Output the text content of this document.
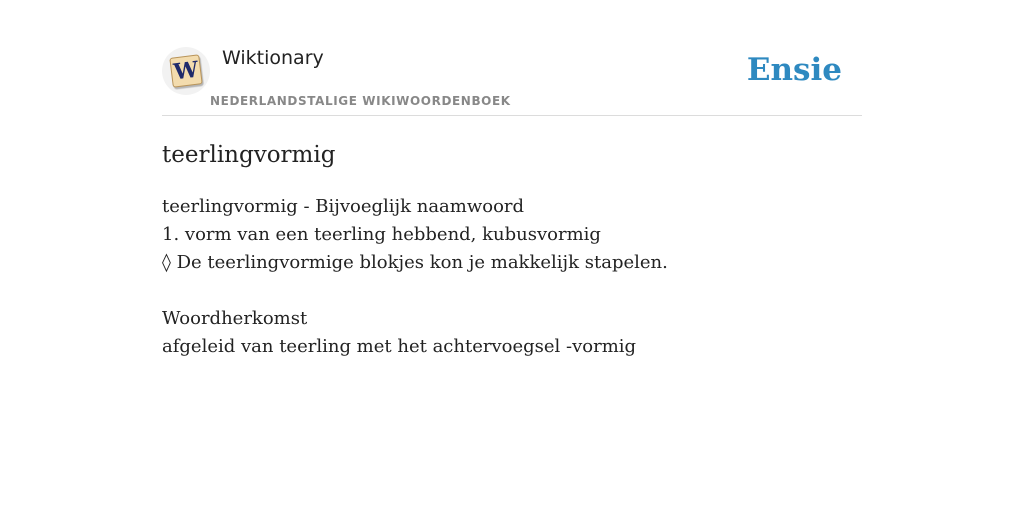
W Wiktionary
NEDERLANDSTALIGE WIKIWOORDENBOEK
Ensie
teerlingvormig
teerlingvormig - Bijvoeglijk naamwoord
1. vorm van een teerling hebbend, kubusvormig
◊ De teerlingvormige blokjes kon je makkelijk stapelen.
Woordherkomst
afgeleid van teerling met het achtervoegsel -vormig
